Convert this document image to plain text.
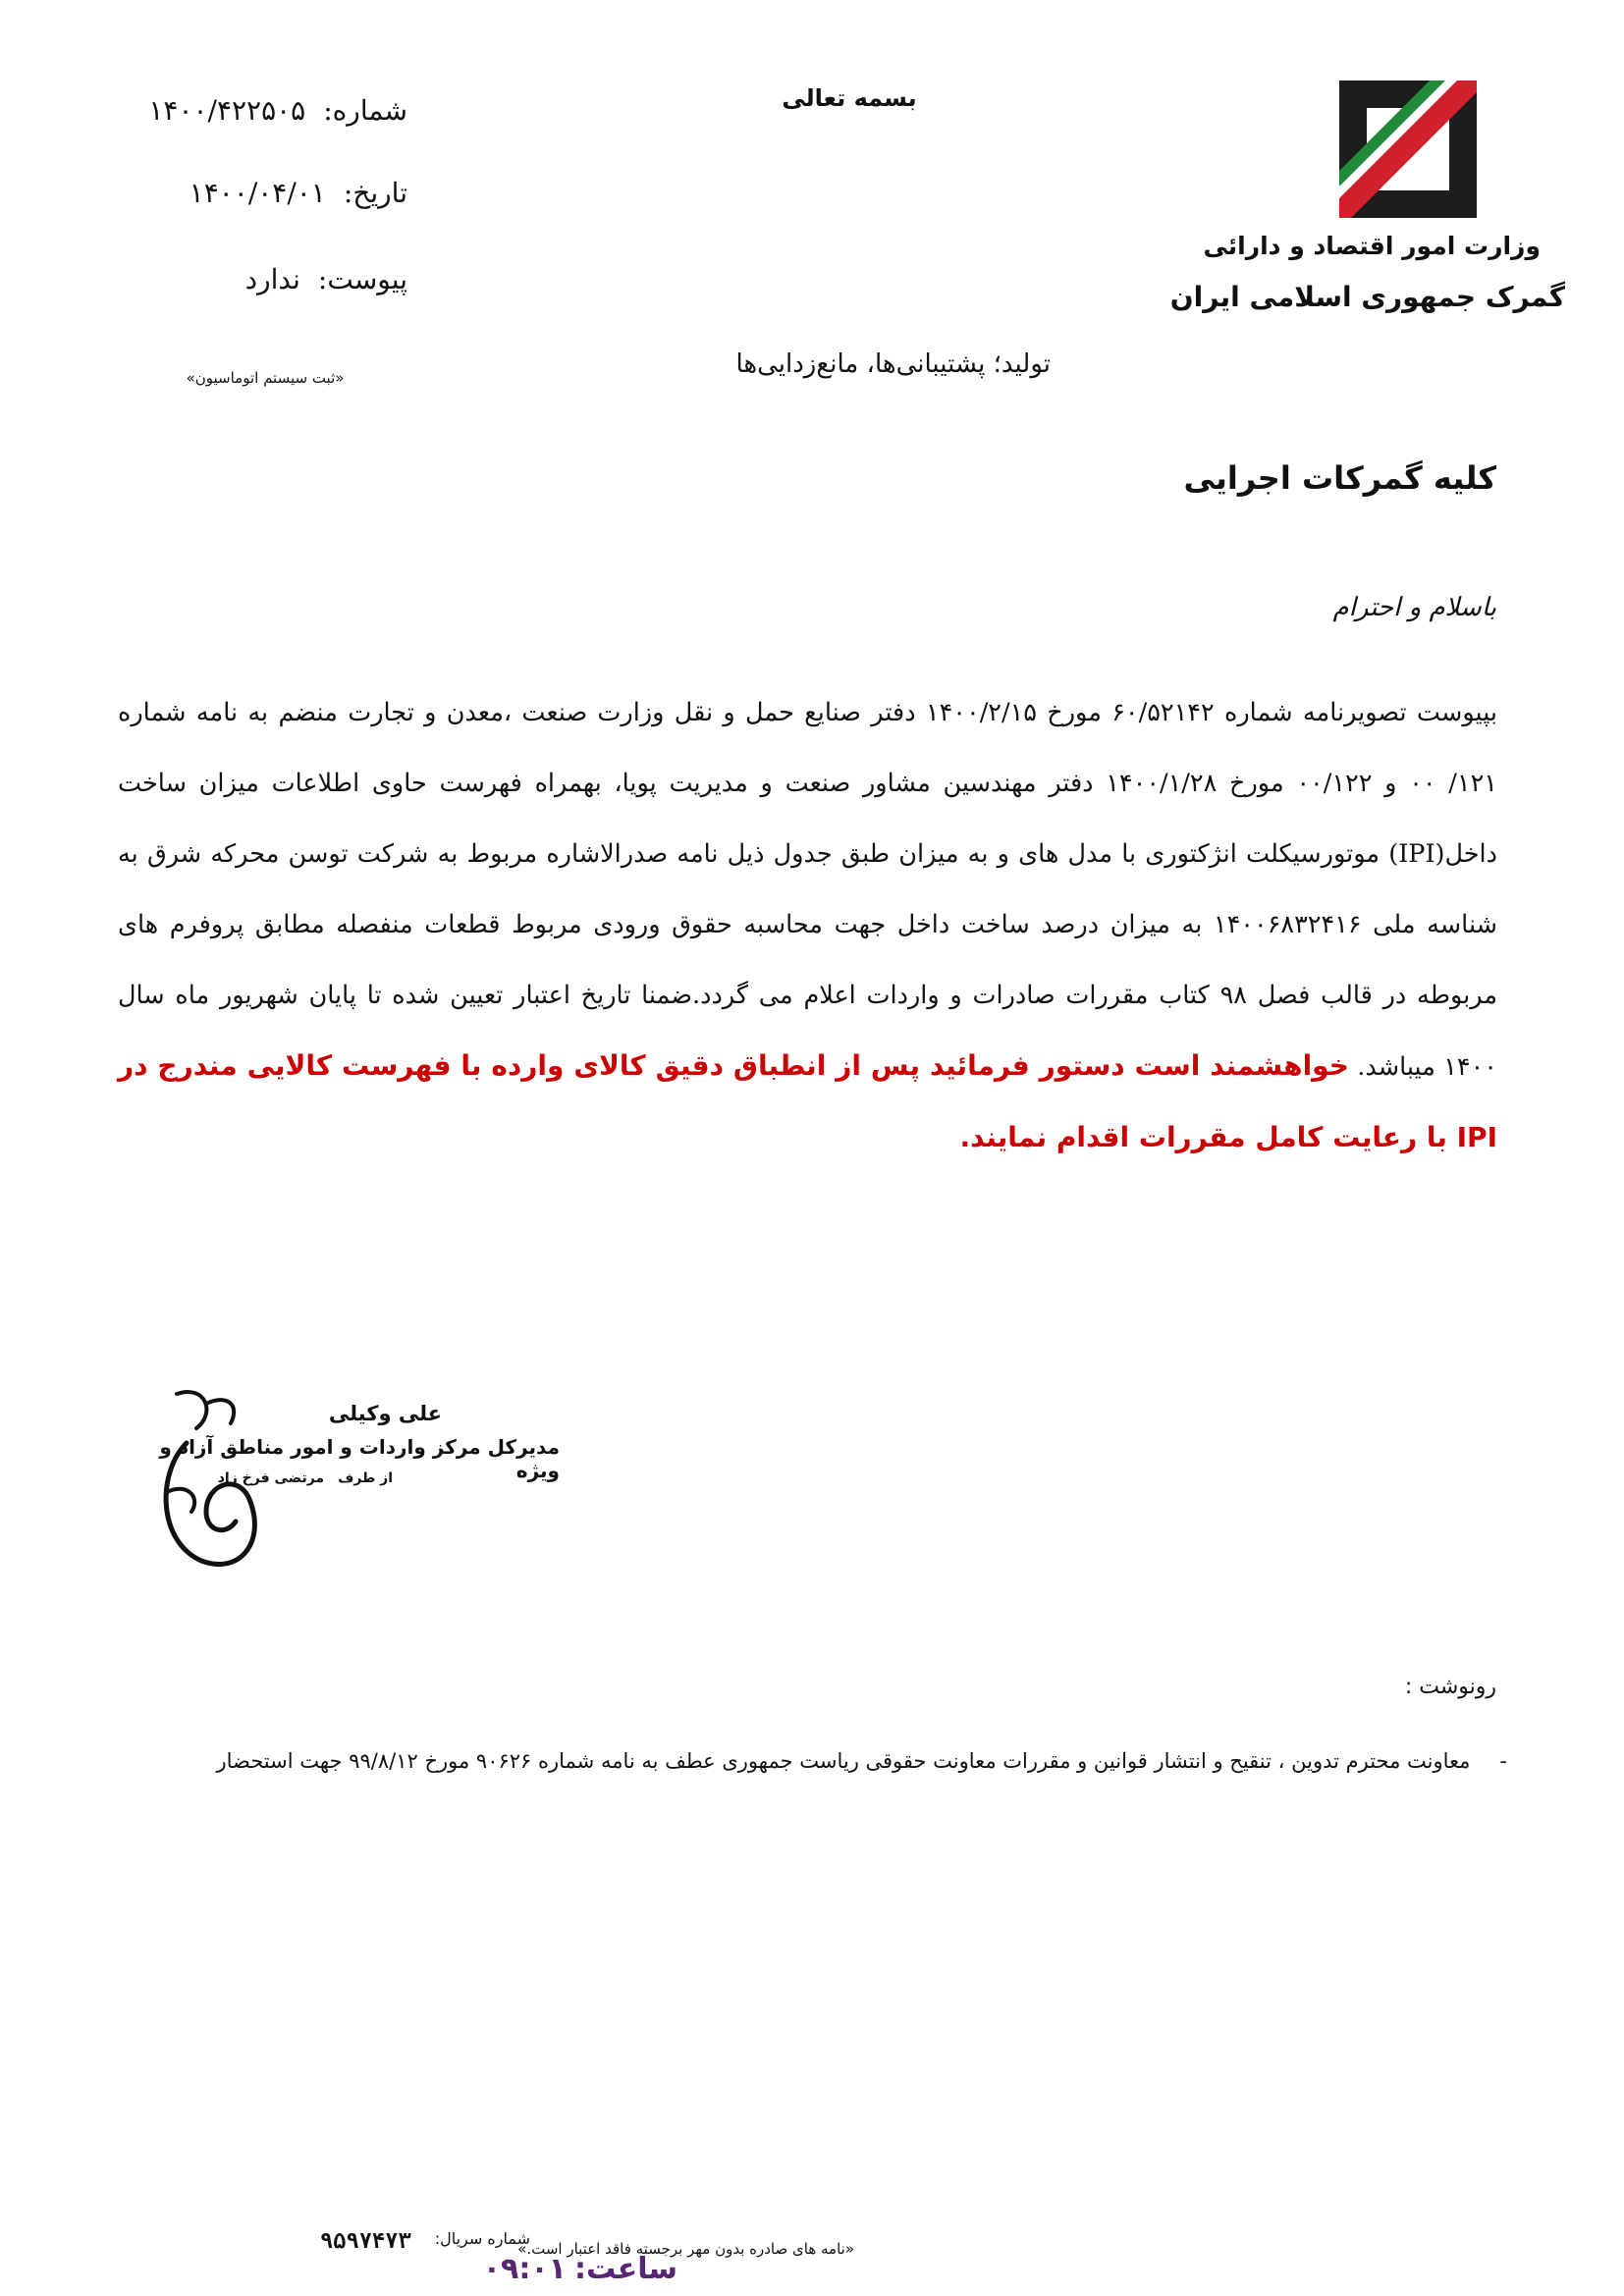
وزارت امور اقتصاد و دارائی
گمرک جمهوری اسلامی ایران
بسمه تعالی
شماره:
۱۴۰۰/۴۲۲۵۰۵
تاریخ:
۱۴۰۰/۰۴/۰۱
پیوست:
ندارد
«ثبت سیستم اتوماسیون»	تولید؛ پشتیبانی‌ها، مانع‌زدایی‌ها
کلیه گمرکات اجرایی
باسلام و احترام
بپیوست تصویرنامه شماره ۶۰/۵۲۱۴۲ مورخ ۱۴۰۰/۲/۱۵ دفتر صنایع حمل و نقل وزارت صنعت ،معدن و تجارت منضم به نامه شماره ۱۲۱/ ۰۰ و ۰۰/۱۲۲ مورخ ۱۴۰۰/۱/۲۸ دفتر مهندسین مشاور صنعت و مدیریت پویا، بهمراه فهرست حاوی اطلاعات میزان ساخت داخل(IPI) موتورسیکلت انژکتوری با مدل های و به میزان طبق جدول ذیل نامه صدرالاشاره مربوط به شرکت توسن محرکه شرق به شناسه ملی ۱۴۰۰۶۸۳۲۴۱۶ به میزان درصد ساخت داخل جهت محاسبه حقوق ورودی مربوط قطعات منفصله مطابق پروفرم های مربوطه در قالب فصل ۹۸ کتاب مقررات صادرات و واردات اعلام می گردد.ضمنا تاریخ اعتبار تعیین شده تا پایان شهریور ماه سال ۱۴۰۰ میباشد. خواهشمند است دستور فرمائید پس از انطباق دقیق کالای وارده با فهرست کالایی مندرج در IPI با رعایت کامل مقررات اقدام نمایند.
علی وکیلی
مدیرکل مرکز واردات و امور مناطق آزاد و ویژه
از طرف
مرتضی فرخ زاد
رونوشت :
-
معاونت محترم تدوین ، تنقیح و انتشار قوانین و مقررات معاونت حقوقی ریاست جمهوری عطف به نامه شماره ۹۰۶۲۶ مورخ ۹۹/۸/۱۲ جهت استحضار
«نامه های صادره بدون مهر برجسته فاقد اعتبار است.»
شماره سریال:
۹۵۹۷۴۷۳
ساعت:
۰۹:۰۱
